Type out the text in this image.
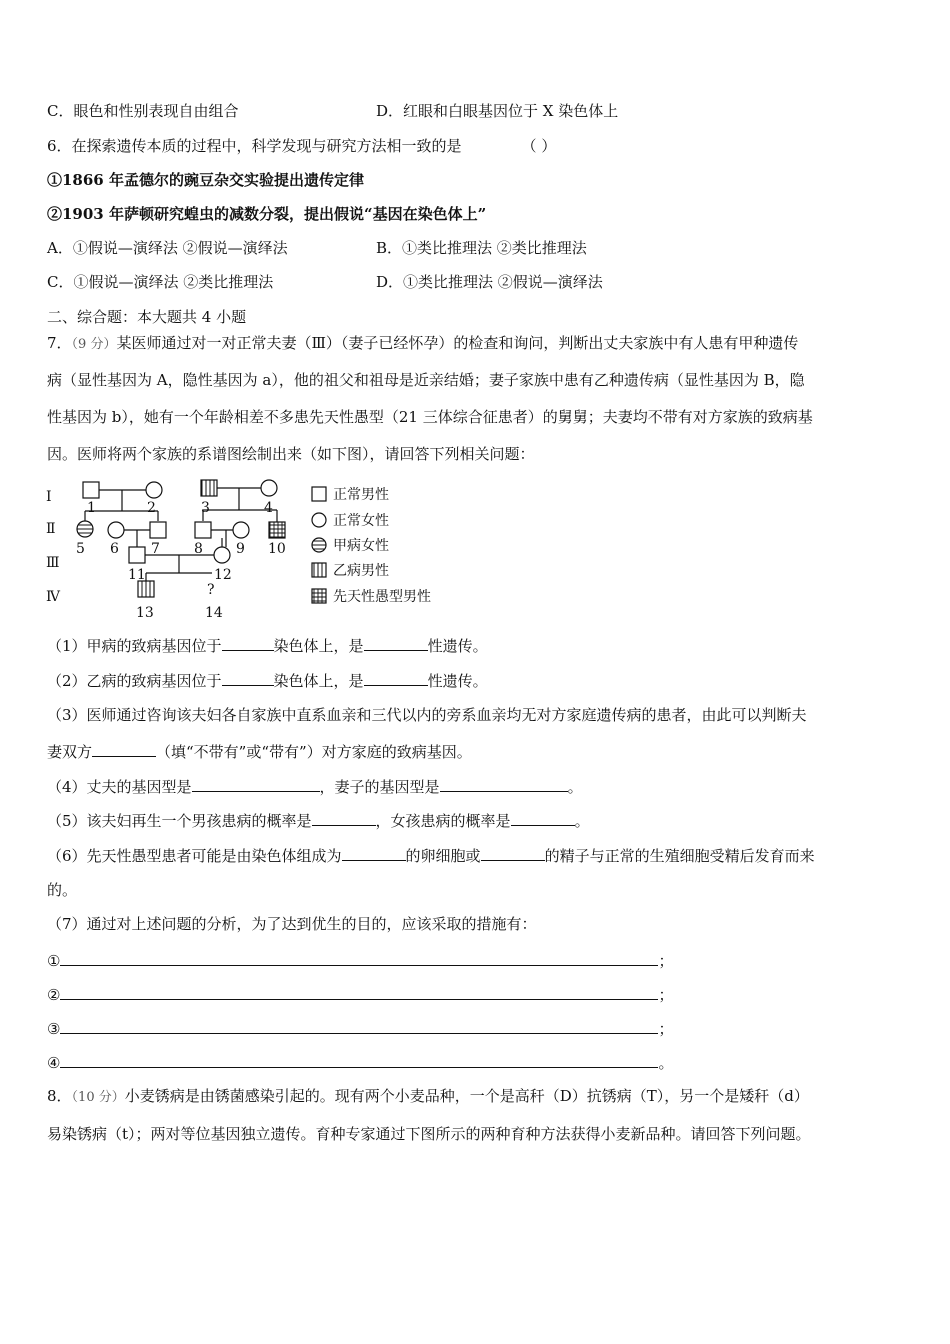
C．眼色和性别表现自由组合	D．红眼和白眼基因位于 X 染色体上
6．在探索遗传本质的过程中，科学发现与研究方法相一致的是	（ ）
①1866 年孟德尔的豌豆杂交实验提出遗传定律
②1903 年萨顿研究蝗虫的减数分裂，提出假说“基因在染色体上”
A．①假说—演绎法 ②假说—演绎法	B．①类比推理法 ②类比推理法
C．①假说—演绎法 ②类比推理法	D．①类比推理法 ②假说—演绎法
二、综合题：本大题共 4 小题
7．（9 分）某医师通过对一对正常夫妻（Ⅲ）（妻子已经怀孕）的检查和询问，判断出丈夫家族中有人患有甲种遗传
病（显性基因为 A，隐性基因为 a），他的祖父和祖母是近亲结婚；妻子家族中患有乙种遗传病（显性基因为 B，隐
性基因为 b），她有一个年龄相差不多患先天性愚型（21 三体综合征患者）的舅舅；夫妻均不带有对方家族的致病基
因。医师将两个家族的系谱图绘制出来（如下图），请回答下列相关问题：
Ⅰ
Ⅱ
Ⅲ
Ⅳ
1	2	3	4
5 6 7 8 9 10
11	12
13	14
?
正常男性
正常女性
甲病女性
乙病男性
先天性愚型男性
（1）甲病的致病基因位于	染色体上，是	性遗传。
（2）乙病的致病基因位于	染色体上，是	性遗传。
（3）医师通过咨询该夫妇各自家族中直系血亲和三代以内的旁系血亲均无对方家庭遗传病的患者，由此可以判断夫
妻双方	（填“不带有”或“带有”）对方家庭的致病基因。
（4）丈夫的基因型是	，妻子的基因型是	。
（5）该夫妇再生一个男孩患病的概率是	，女孩患病的概率是	。
（6）先天性愚型患者可能是由染色体组成为	的卵细胞或	的精子与正常的生殖细胞受精后发育而来
的。
（7）通过对上述问题的分析，为了达到优生的目的，应该采取的措施有：
①	；
②	；
③	；
④	。
8．（10 分）小麦锈病是由锈菌感染引起的。现有两个小麦品种，一个是高秆（D）抗锈病（T），另一个是矮秆（d）
易染锈病（t）；两对等位基因独立遗传。育种专家通过下图所示的两种育种方法获得小麦新品种。请回答下列问题。
